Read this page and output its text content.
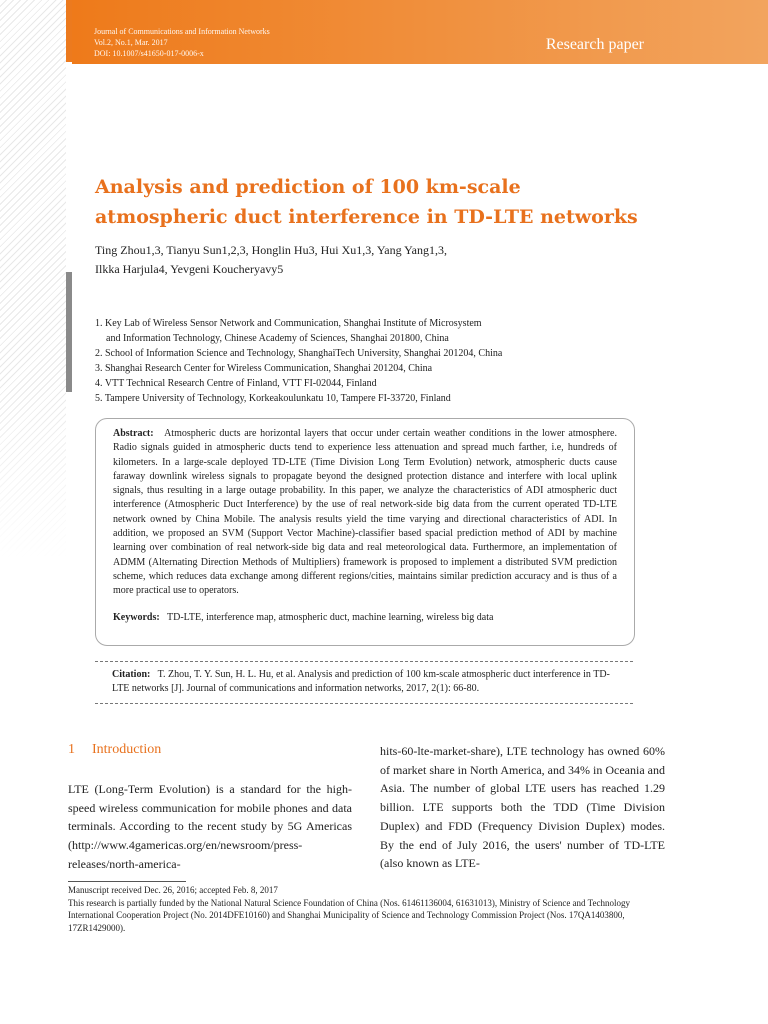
Journal of Communications and Information Networks
Vol.2, No.1, Mar. 2017
DOI: 10.1007/s41650-017-0006-x
Research paper
Analysis and prediction of 100 km-scale atmospheric duct interference in TD-LTE networks
Ting Zhou1,3, Tianyu Sun1,2,3, Honglin Hu3, Hui Xu1,3, Yang Yang1,3,
Ilkka Harjula4, Yevgeni Koucheryavy5
1. Key Lab of Wireless Sensor Network and Communication, Shanghai Institute of Microsystem
and Information Technology, Chinese Academy of Sciences, Shanghai 201800, China
2. School of Information Science and Technology, ShanghaiTech University, Shanghai 201204, China
3. Shanghai Research Center for Wireless Communication, Shanghai 201204, China
4. VTT Technical Research Centre of Finland, VTT FI-02044, Finland
5. Tampere University of Technology, Korkeakoulunkatu 10, Tampere FI-33720, Finland

Abstract: Atmospheric ducts are horizontal layers that occur under certain weather conditions in the lower atmosphere. Radio signals guided in atmospheric ducts tend to experience less attenuation and spread much farther, i.e, hundreds of kilometers. In a large-scale deployed TD-LTE (Time Division Long Term Evolution) network, atmospheric ducts cause faraway downlink wireless signals to propagate beyond the designed protection distance and interfere with local uplink signals, thus resulting in a large outage probability. In this paper, we analyze the characteristics of ADI atmospheric duct interference (Atmospheric Duct Interference) by the use of real network-side big data from the current operated TD-LTE network owned by China Mobile. The analysis results yield the time varying and directional characteristics of ADI. In addition, we proposed an SVM (Support Vector Machine)-classifier based spacial prediction method of ADI by machine learning over combination of real network-side big data and real meteorological data. Furthermore, an implementation of ADMM (Alternating Direction Methods of Multipliers) framework is proposed to implement a distributed SVM prediction scheme, which reduces data exchange among different regions/cities, maintains similar prediction accuracy and is thus of a more practical use to operators.

Keywords: TD-LTE, interference map, atmospheric duct, machine learning, wireless big data
Citation: T. Zhou, T. Y. Sun, H. L. Hu, et al. Analysis and prediction of 100 km-scale atmospheric duct interference in TD-LTE networks [J]. Journal of communications and information networks, 2017, 2(1): 66-80.
1 Introduction

LTE (Long-Term Evolution) is a standard for the high-speed wireless communication for mobile phones and data terminals. According to the recent study by 5G Americas (http://www.4gamericas.org/en/newsroom/press-releases/north-america-

hits-60-lte-market-share), LTE technology has owned 60% of market share in North America, and 34% in Oceania and Asia. The number of global LTE users has reached 1.29 billion. LTE supports both the TDD (Time Division Duplex) and FDD (Frequency Division Duplex) modes. By the end of July 2016, the users' number of TD-LTE (also known as LTE-

Manuscript received Dec. 26, 2016; accepted Feb. 8, 2017
This research is partially funded by the National Natural Science Foundation of China (Nos. 61461136004, 61631013), Ministry of Science and Technology International Cooperation Project (No. 2014DFE10160) and Shanghai Municipality of Science and Technology Commission Project (Nos. 17QA1403800, 17ZR1429000).
